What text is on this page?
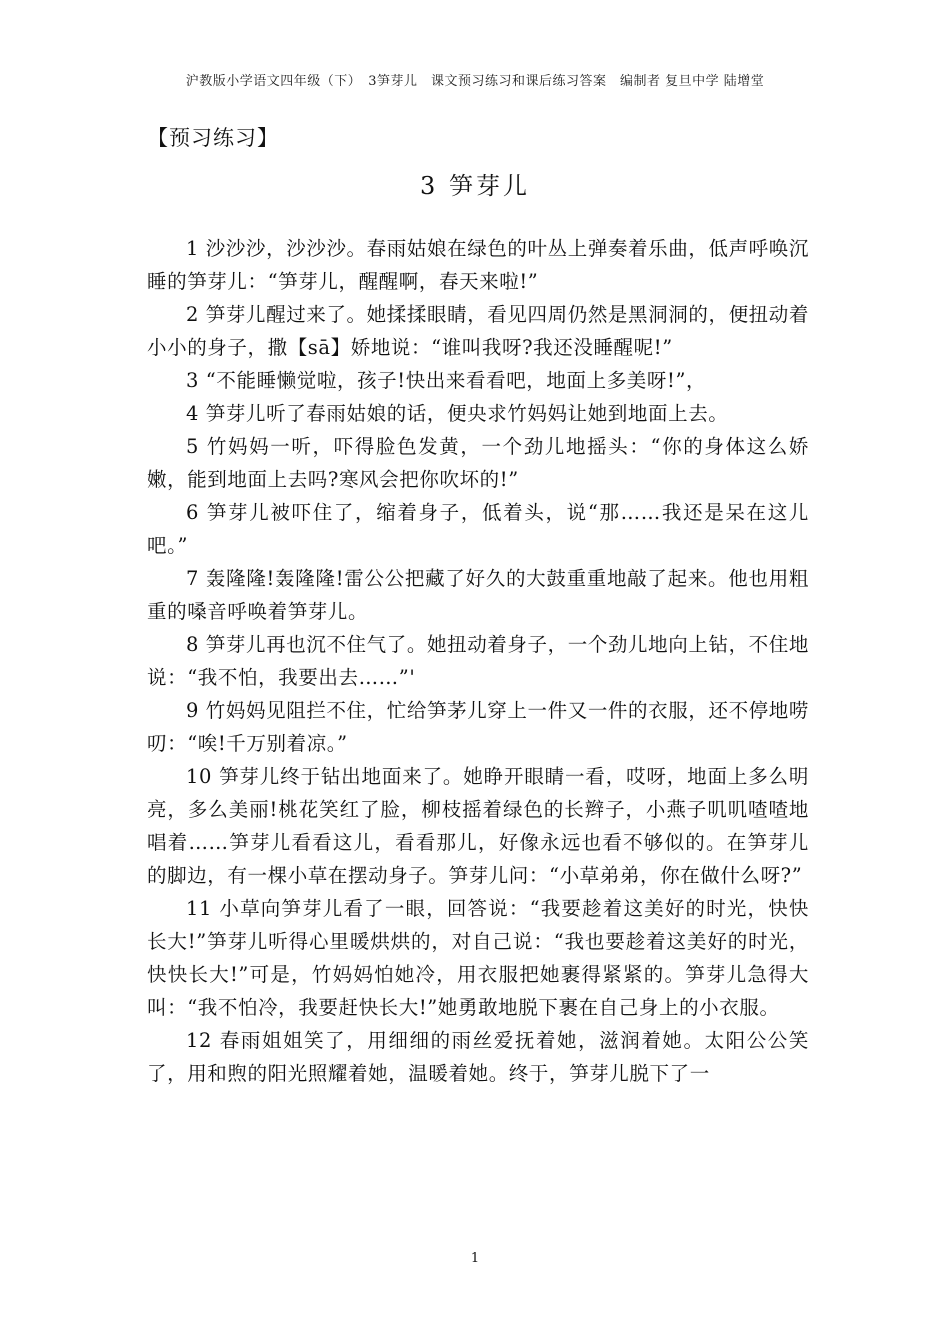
沪教版小学语文四年级（下）　3笋芽儿　课文预习练习和课后练习答案　编制者 复旦中学 陆增堂
【预习练习】
3 笋芽儿

1 沙沙沙，沙沙沙。春雨姑娘在绿色的叶丛上弹奏着乐曲，低声呼唤沉睡的笋芽儿：“笋芽儿，醒醒啊，春天来啦!”

2 笋芽儿醒过来了。她揉揉眼睛，看见四周仍然是黑洞洞的，便扭动着小小的身子，撒【sā】娇地说：“谁叫我呀?我还没睡醒呢!”

3 “不能睡懒觉啦，孩子!快出来看看吧，地面上多美呀!”，

4 笋芽儿听了春雨姑娘的话，便央求竹妈妈让她到地面上去。

5 竹妈妈一听，吓得脸色发黄，一个劲儿地摇头：“你的身体这么娇嫩，能到地面上去吗?寒风会把你吹坏的!”

6 笋芽儿被吓住了，缩着身子，低着头，说“那……我还是呆在这儿吧。”

7 轰隆隆!轰隆隆!雷公公把藏了好久的大鼓重重地敲了起来。他也用粗重的嗓音呼唤着笋芽儿。

8 笋芽儿再也沉不住气了。她扭动着身子，一个劲儿地向上钻，不住地说：“我不怕，我要出去……”'

9 竹妈妈见阻拦不住，忙给笋茅儿穿上一件又一件的衣服，还不停地唠叨：“唉!千万别着凉。”

10 笋芽儿终于钻出地面来了。她睁开眼睛一看，哎呀，地面上多么明亮，多么美丽!桃花笑红了脸，柳枝摇着绿色的长辫子，小燕子叽叽喳喳地唱着……笋芽儿看看这儿，看看那儿，好像永远也看不够似的。在笋芽儿的脚边，有一棵小草在摆动身子。笋芽儿问：“小草弟弟，你在做什么呀?”

11 小草向笋芽儿看了一眼，回答说：“我要趁着这美好的时光，快快长大!”笋芽儿听得心里暖烘烘的，对自己说：“我也要趁着这美好的时光，快快长大!”可是，竹妈妈怕她冷，用衣服把她裹得紧紧的。笋芽儿急得大叫：“我不怕冷，我要赶快长大!”她勇敢地脱下裹在自己身上的小衣服。

12 春雨姐姐笑了，用细细的雨丝爱抚着她，滋润着她。太阳公公笑了，用和煦的阳光照耀着她，温暖着她。终于，笋芽儿脱下了一

1
